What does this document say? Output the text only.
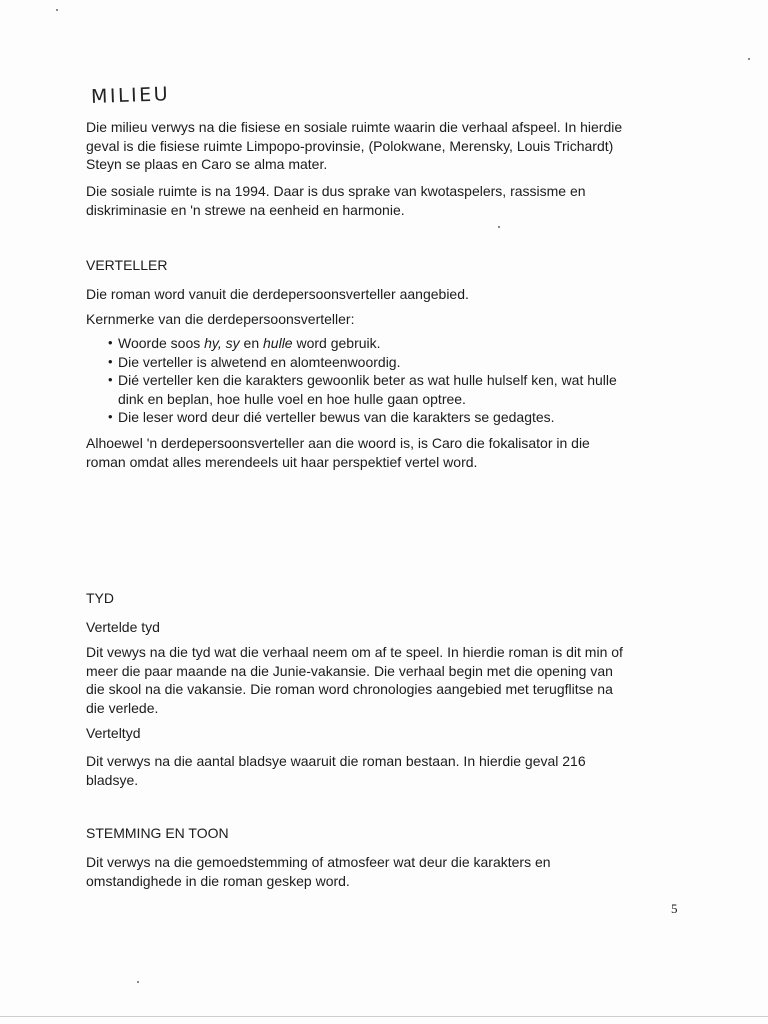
MILIEU

Die milieu verwys na die fisiese en sosiale ruimte waarin die verhaal afspeel. In hierdie
geval is die fisiese ruimte Limpopo-provinsie, (Polokwane, Merensky, Louis Trichardt)
Steyn se plaas en Caro se alma mater.

Die sosiale ruimte is na 1994. Daar is dus sprake van kwotaspelers, rassisme en
diskriminasie en 'n strewe na eenheid en harmonie.

VERTELLER

Die roman word vanuit die derdepersoonsverteller aangebied.

Kernmerke van die derdepersoonsverteller:

• Woorde soos hy, sy en hulle word gebruik.
• Die verteller is alwetend en alomteenwoordig.
• Dié verteller ken die karakters gewoonlik beter as wat hulle hulself ken, wat hulle
dink en beplan, hoe hulle voel en hoe hulle gaan optree.
• Die leser word deur dié verteller bewus van die karakters se gedagtes.

Alhoewel 'n derdepersoonsverteller aan die woord is, is Caro die fokalisator in die
roman omdat alles merendeels uit haar perspektief vertel word.

TYD

Vertelde tyd

Dit vewys na die tyd wat die verhaal neem om af te speel. In hierdie roman is dit min of
meer die paar maande na die Junie-vakansie. Die verhaal begin met die opening van
die skool na die vakansie. Die roman word chronologies aangebied met terugflitse na
die verlede.

Verteltyd

Dit verwys na die aantal bladsye waaruit die roman bestaan. In hierdie geval 216
bladsye.

STEMMING EN TOON

Dit verwys na die gemoedstemming of atmosfeer wat deur die karakters en
omstandighede in die roman geskep word.

5
